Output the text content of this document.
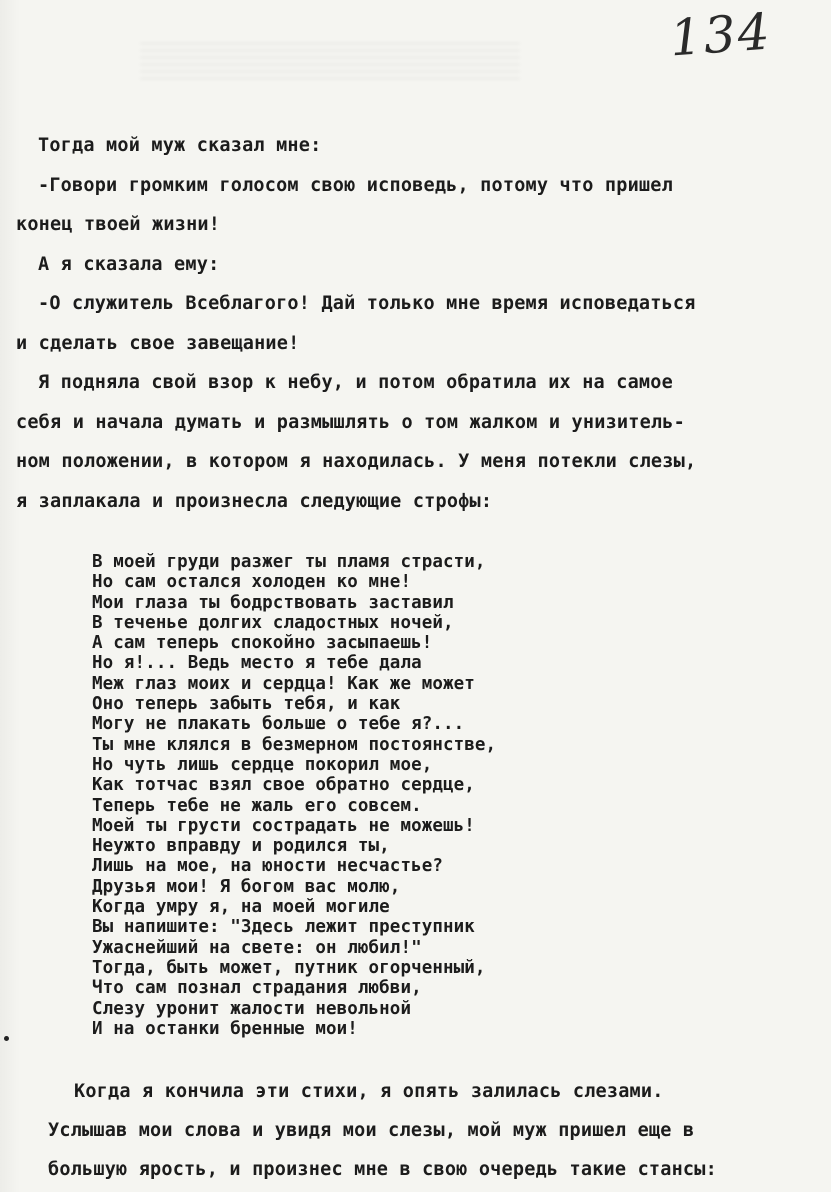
134
Тогда мой муж сказал мне:
-Говори громким голосом свою исповедь, потому что пришел
конец твоей жизни!
А я сказала ему:
-О служитель Всеблагого! Дай только мне время исповедаться
и сделать свое завещание!
Я подняла свой взор к небу, и потом обратила их на самое
себя и начала думать и размышлять о том жалком и унизитель-
ном положении, в котором я находилась. У меня потекли слезы,
я заплакала и произнесла следующие строфы:
В моей груди разжег ты пламя страсти,
Но сам остался холоден ко мне!
Мои глаза ты бодрствовать заставил
В теченье долгих сладостных ночей,
А сам теперь спокойно засыпаешь!
Но я!... Ведь место я тебе дала
Меж глаз моих и сердца! Как же может
Оно теперь забыть тебя, и как
Могу не плакать больше о тебе я?...
Ты мне клялся в безмерном постоянстве,
Но чуть лишь сердце покорил мое,
Как тотчас взял свое обратно сердце,
Теперь тебе не жаль его совсем.
Моей ты грусти сострадать не можешь!
Неужто вправду и родился ты,
Лишь на мое, на юности несчастье?
Друзья мои! Я богом вас молю,
Когда умру я, на моей могиле
Вы напишите: "Здесь лежит преступник
Ужаснейший на свете: он любил!"
Тогда, быть может, путник огорченный,
Что сам познал страдания любви,
Слезу уронит жалости невольной
И на останки бренные мои!
Когда я кончила эти стихи, я опять залилась слезами.
Услышав мои слова и увидя мои слезы, мой муж пришел еще в
большую ярость, и произнес мне в свою очередь такие стансы:
